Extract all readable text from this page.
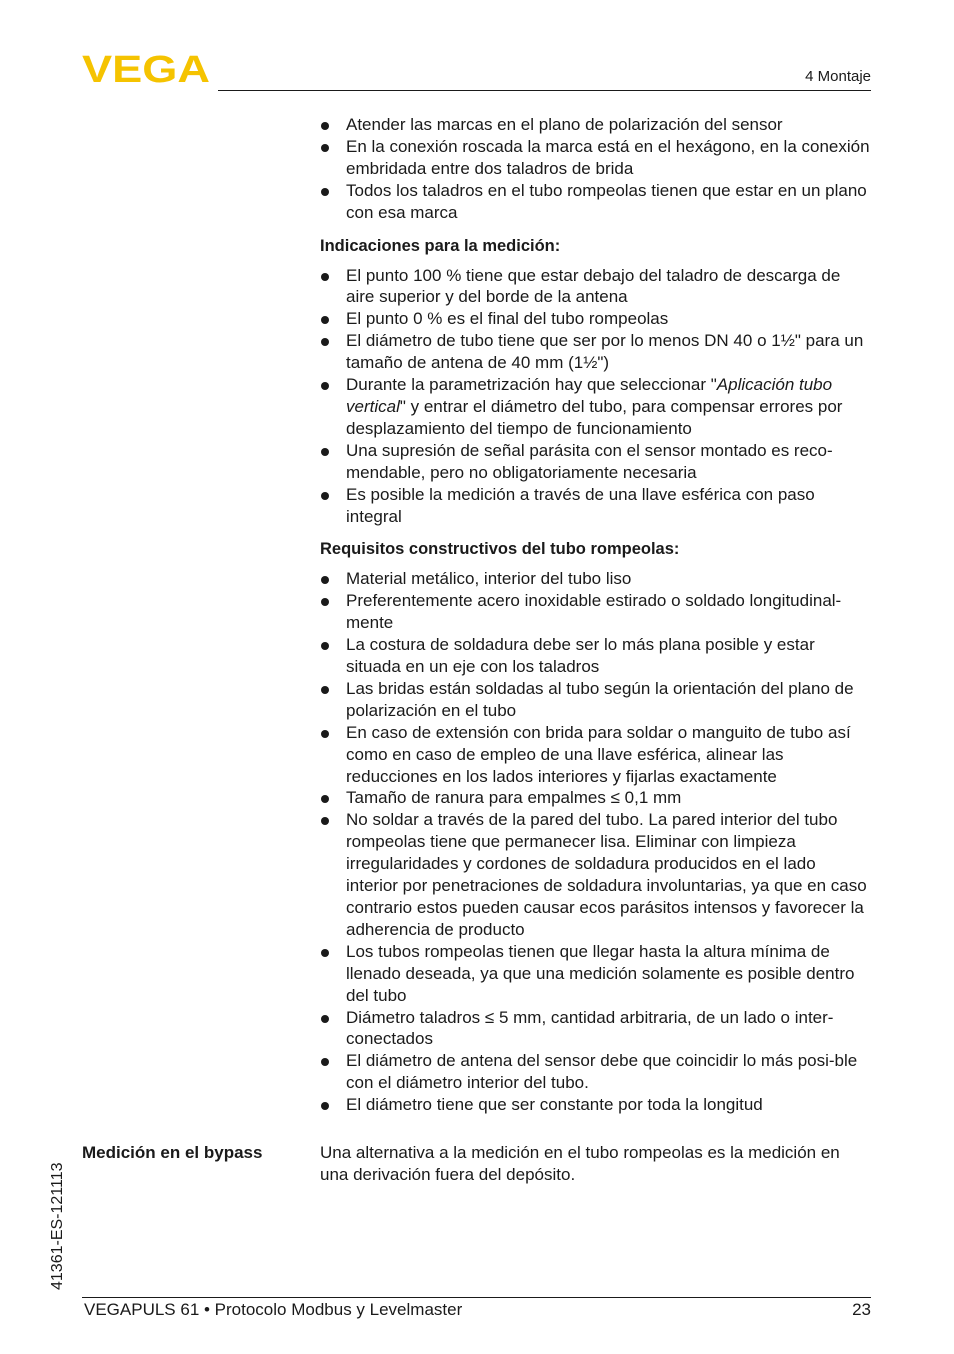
VEGA	4 Montaje
Atender las marcas en el plano de polarización del sensor
En la conexión roscada la marca está en el hexágono, en la conexión embridada entre dos taladros de brida
Todos los taladros en el tubo rompeolas tienen que estar en un plano con esa marca
Indicaciones para la medición:
El punto 100 % tiene que estar debajo del taladro de descarga de aire superior y del borde de la antena
El punto 0 % es el final del tubo rompeolas
El diámetro de tubo tiene que ser por lo menos DN 40 o 1½" para un tamaño de antena de 40 mm (1½")
Durante la parametrización hay que seleccionar "Aplicación tubo vertical" y entrar el diámetro del tubo, para compensar errores por desplazamiento del tiempo de funcionamiento
Una supresión de señal parásita con el sensor montado es reco-mendable, pero no obligatoriamente necesaria
Es posible la medición a través de una llave esférica con paso integral
Requisitos constructivos del tubo rompeolas:
Material metálico, interior del tubo liso
Preferentemente acero inoxidable estirado o soldado longitudinal-mente
La costura de soldadura debe ser lo más plana posible y estar situada en un eje con los taladros
Las bridas están soldadas al tubo según la orientación del plano de polarización en el tubo
En caso de extensión con brida para soldar o manguito de tubo así como en caso de empleo de una llave esférica, alinear las reducciones en los lados interiores y fijarlas exactamente
Tamaño de ranura para empalmes ≤ 0,1 mm
No soldar a través de la pared del tubo. La pared interior del tubo rompeolas tiene que permanecer lisa. Eliminar con limpieza irregularidades y cordones de soldadura producidos en el lado interior por penetraciones de soldadura involuntarias, ya que en caso contrario estos pueden causar ecos parásitos intensos y favorecer la adherencia de producto
Los tubos rompeolas tienen que llegar hasta la altura mínima de llenado deseada, ya que una medición solamente es posible dentro del tubo
Diámetro taladros ≤ 5 mm, cantidad arbitraria, de un lado o inter-conectados
El diámetro de antena del sensor debe que coincidir lo más posi-ble con el diámetro interior del tubo.
El diámetro tiene que ser constante por toda la longitud
Medición en el bypass	Una alternativa a la medición en el tubo rompeolas es la medición en una derivación fuera del depósito.
41361-ES-121113
VEGAPULS 61 • Protocolo Modbus y Levelmaster	23
